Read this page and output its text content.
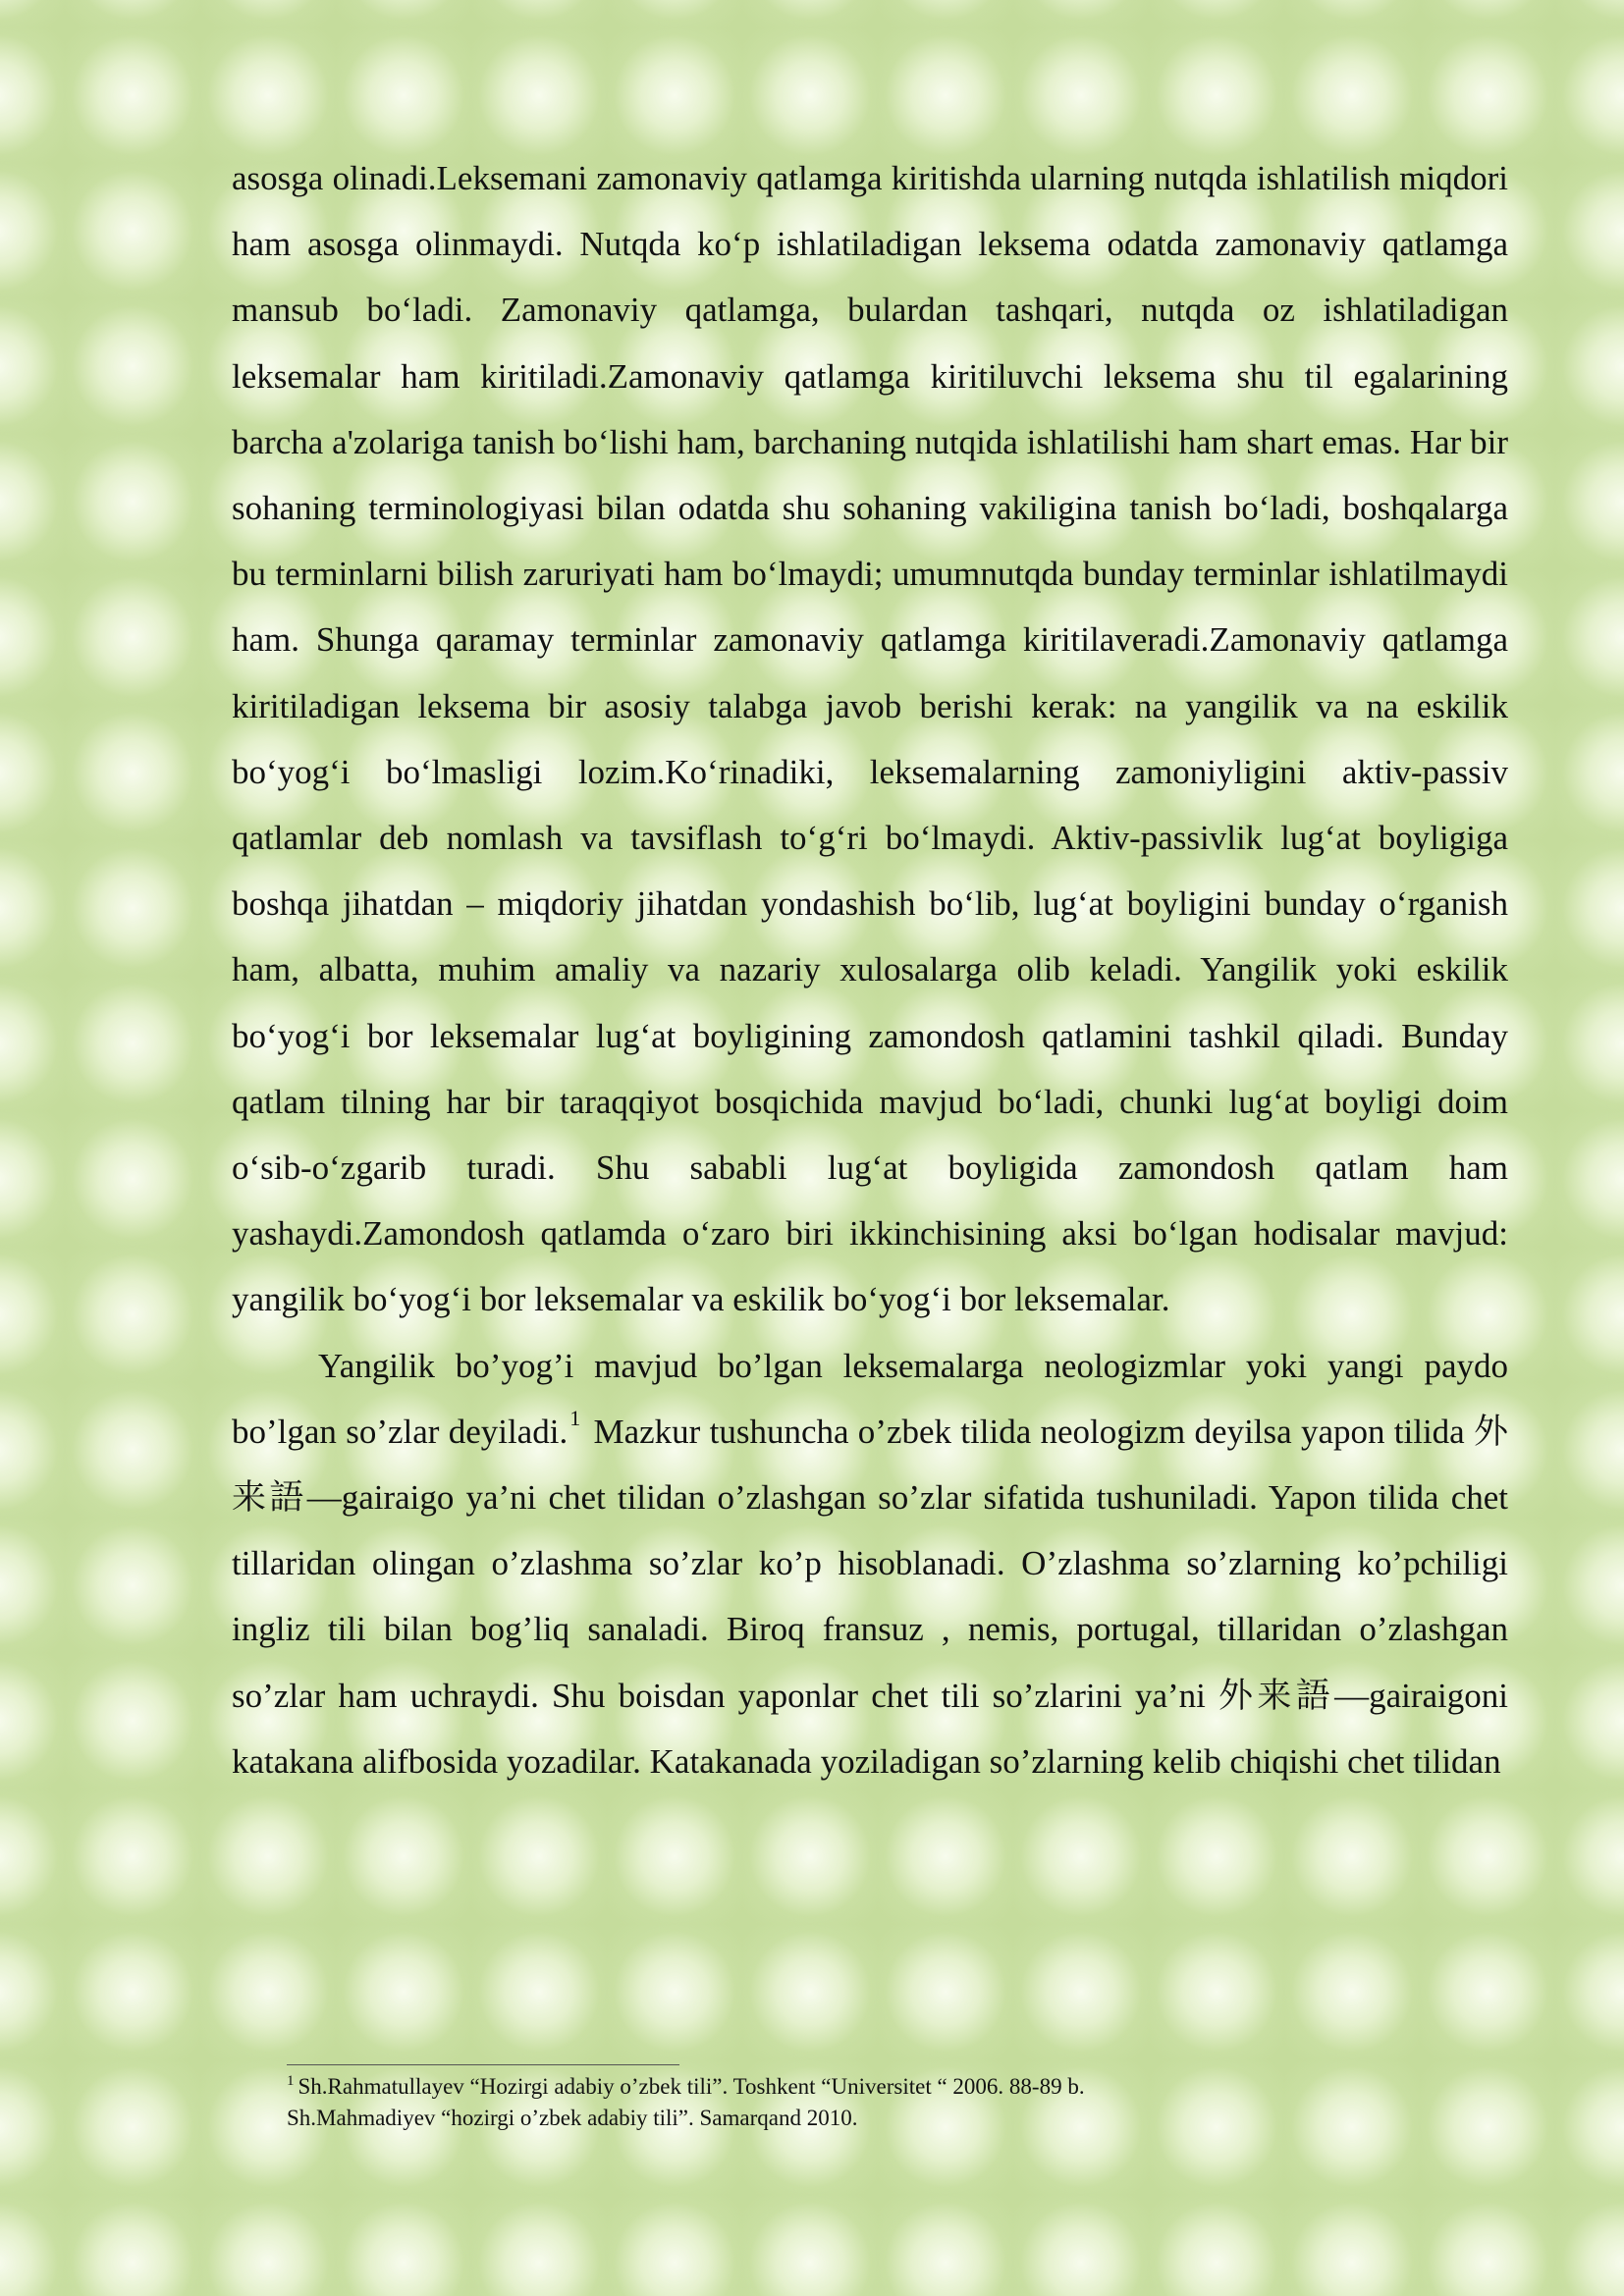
asosga olinadi.Leksemani zamonaviy qatlamga kiritishda ularning nutqda ishlatilish miqdori ham asosga olinmaydi. Nutqda ko‘p ishlatiladigan leksema odatda zamonaviy qatlamga mansub bo‘ladi. Zamonaviy qatlamga, bulardan tashqari, nutqda oz ishlatiladigan leksemalar ham kiritiladi.Zamonaviy qatlamga kiritiluvchi leksema shu til egalarining barcha a'zolariga tanish bo‘lishi ham, barchaning nutqida ishlatilishi ham shart emas. Har bir sohaning terminologiyasi bilan odatda shu sohaning vakiligina tanish bo‘ladi, boshqalarga bu terminlarni bilish zaruriyati ham bo‘lmaydi; umumnutqda bunday terminlar ishlatilmaydi ham. Shunga qaramay terminlar zamonaviy qatlamga kiritilaveradi.Zamonaviy qatlamga kiritiladigan leksema bir asosiy talabga javob berishi kerak: na yangilik va na eskilik bo‘yog‘i bo‘lmasligi lozim.Ko‘rinadiki, leksemalarning zamoniyligini aktiv-passiv qatlamlar deb nomlash va tavsiflash to‘g‘ri bo‘lmaydi. Aktiv-passivlik lug‘at boyligiga boshqa jihatdan – miqdoriy jihatdan yondashish bo‘lib, lug‘at boyligini bunday o‘rganish ham, albatta, muhim amaliy va nazariy xulosalarga olib keladi. Yangilik yoki eskilik bo‘yog‘i bor leksemalar lug‘at boyligining zamondosh qatlamini tashkil qiladi. Bunday qatlam tilning har bir taraqqiyot bosqichida mavjud bo‘ladi, chunki lug‘at boyligi doim o‘sib-o‘zgarib turadi. Shu sababli lug‘at boyligida zamondosh qatlam ham yashaydi.Zamondosh qatlamda o‘zaro biri ikkinchisining aksi bo‘lgan hodisalar mavjud: yangilik bo‘yog‘i bor leksemalar va eskilik bo‘yog‘i bor leksemalar.

Yangilik bo’yog’i mavjud bo’lgan leksemalarga neologizmlar yoki yangi paydo bo’lgan so’zlar deyiladi.$^1$ Mazkur tushuncha o’zbek tilida neologizm deyilsa yapon tilida 外来語—gairaigo ya’ni chet tilidan o’zlashgan so’zlar sifatida tushuniladi. Yapon tilida chet tillaridan olingan o’zlashma so’zlar ko’p hisoblanadi. O’zlashma so’zlarning ko’pchiligi ingliz tili bilan bog’liq sanaladi. Biroq fransuz , nemis, portugal, tillaridan o’zlashgan so’zlar ham uchraydi. Shu boisdan yaponlar chet tili so’zlarini ya’ni 外来語—gairaigoni katakana alifbosida yozadilar. Katakanada yoziladigan so’zlarning kelib chiqishi chet tilidan

$^1$ Sh.Rahmatullayev “Hozirgi adabiy o’zbek tili”. Toshkent “Universitet “ 2006. 88-89 b.

Sh.Mahmadiyev “hozirgi o’zbek adabiy tili”. Samarqand 2010.
